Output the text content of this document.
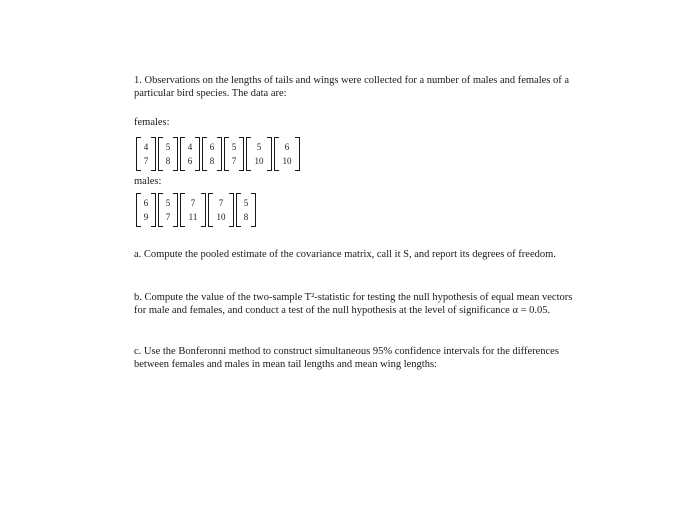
1. Observations on the lengths of tails and wings were collected for a number of males and females of a particular bird species. The data are:

females:

4
7
5
8
4
6
6
8
5
7
5
10
6
10

males:

6
9
5
7
7
11
7
10
5
8

a. Compute the pooled estimate of the covariance matrix, call it S, and report its degrees of freedom.

b. Compute the value of the two-sample T²-statistic for testing the null hypothesis of equal mean vectors for male and females, and conduct a test of the null hypothesis at the level of significance α = 0.05.

c. Use the Bonferonni method to construct simultaneous 95% confidence intervals for the differences between females and males in mean tail lengths and mean wing lengths:
